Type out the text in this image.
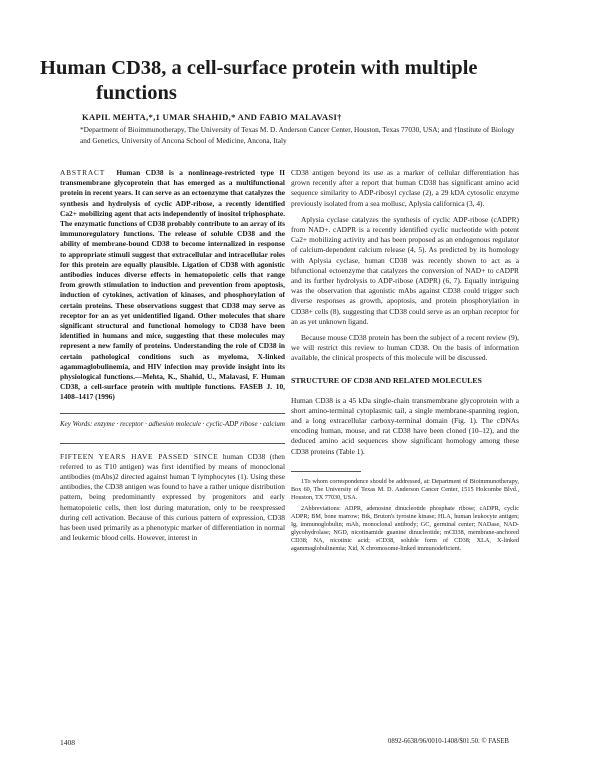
Human CD38, a cell-surface protein with multiple
functions
KAPIL MEHTA,*,1 UMAR SHAHID,* AND FABIO MALAVASI†
*Department of Bioimmunotherapy, The University of Texas M. D. Anderson Cancer Center, Houston, Texas 77030, USA; and †Institute of Biology and Genetics, University of Ancona School of Medicine, Ancona, Italy
ABSTRACT Human CD38 is a nonlineage-restricted type II transmembrane glycoprotein that has emerged as a multifunctional protein in recent years. It can serve as an ectoenzyme that catalyzes the synthesis and hydrolysis of cyclic ADP-ribose, a recently identified Ca2+ mobilizing agent that acts independently of inositol triphosphate. The enzymatic functions of CD38 probably contribute to an array of its immunoregulatory functions. The release of soluble CD38 and the ability of membrane-bound CD38 to become internalized in response to appropriate stimuli suggest that extracellular and intracellular roles for this protein are equally plausible. Ligation of CD38 with agonistic antibodies induces diverse effects in hematopoietic cells that range from growth stimulation to induction and prevention from apoptosis, induction of cytokines, activation of kinases, and phosphorylation of certain proteins. These observations suggest that CD38 may serve as receptor for an as yet unidentified ligand. Other molecules that share significant structural and functional homology to CD38 have been identified in humans and mice, suggesting that these molecules may represent a new family of proteins. Understanding the role of CD38 in certain pathological conditions such as myeloma, X-linked agammaglobulinemia, and HIV infection may provide insight into its physiological functions.—Mehta, K., Shahid, U., Malavasi, F. Human CD38, a cell-surface protein with multiple functions. FASEB J. 10, 1408–1417 (1996)
Key Words: enzyme · receptor · adhesion molecule · cyclic-ADP ribose · calcium
FIFTEEN YEARS HAVE PASSED SINCE human CD38 (then referred to as T10 antigen) was first identified by means of monoclonal antibodies (mAbs)2 directed against human T lymphocytes (1). Using these antibodies, the CD38 antigen was found to have a rather unique distribution pattern, being predominantly expressed by progenitors and early hematopoietic cells, then lost during maturation, only to be reexpressed during cell activation. Because of this curious pattern of expression, CD38 has been used primarily as a phenotypic marker of differentiation in normal and leukemic blood cells. However, interest in

CD38 antigen beyond its use as a marker of cellular differentiation has grown recently after a report that human CD38 has significant amino acid sequence similarity to ADP-ribosyl cyclase (2), a 29 kDA cytosolic enzyme previously isolated from a sea mollusc, Aplysia californica (3, 4).

Aplysia cyclase catalyzes the synthesis of cyclic ADP-ribose (cADPR) from NAD+. cADPR is a recently identified cyclic nucleotide with potent Ca2+ mobilizing activity and has been proposed as an endogenous regulator of calcium-dependent calcium release (4, 5). As predicted by its homology with Aplysia cyclase, human CD38 was recently shown to act as a bifunctional ectoenzyme that catalyzes the conversion of NAD+ to cADPR and its further hydrolysis to ADP-ribose (ADPR) (6, 7). Equally intriguing was the observation that agonistic mAbs against CD38 could trigger such diverse responses as growth, apoptosis, and protein phosphorylation in CD38+ cells (8), suggesting that CD38 could serve as an orphan receptor for an as yet unknown ligand.

Because mouse CD38 protein has been the subject of a recent review (9), we will restrict this review to human CD38. On the basis of information available, the clinical prospects of this molecule will be discussed.

STRUCTURE OF CD38 AND RELATED MOLECULES

Human CD38 is a 45 kDa single-chain transmembrane glycoprotein with a short amino-terminal cytoplasmic tail, a single membrane-spanning region, and a long extracellular carboxy-terminal domain (Fig. 1). The cDNAs encoding human, mouse, and rat CD38 have been cloned (10–12), and the deduced amino acid sequences show significant homology among these CD38 proteins (Table 1).

1To whom correspondence should be addressed, at: Department of Bioimmunotherapy, Box 60, The University of Texas M. D. Anderson Cancer Center, 1515 Holcombe Blvd., Houston, TX 77030, USA.

2Abbreviations: ADPR, adenosine dinucleotide phosphate ribose; cADPR, cyclic ADPR; BM, bone marrow; Btk, Bruton's tyrosine kinase; HLA, human leukocyte antigen; Ig, immunoglobulin; mAb, monoclonal antibody; GC, germinal center; NADase, NAD-glycohydrolase; NGD, nicotinamide guanine dinucleotide; mCD38, membrane-anchored CD38; NA, nicotinic acid; sCD38, soluble form of CD38; XLA, X-linked agammaglobulinemia; Xid, X chromosome-linked immunodeficient.

1408	0892-6638/96/0010-1408/$01.50. © FASEB
